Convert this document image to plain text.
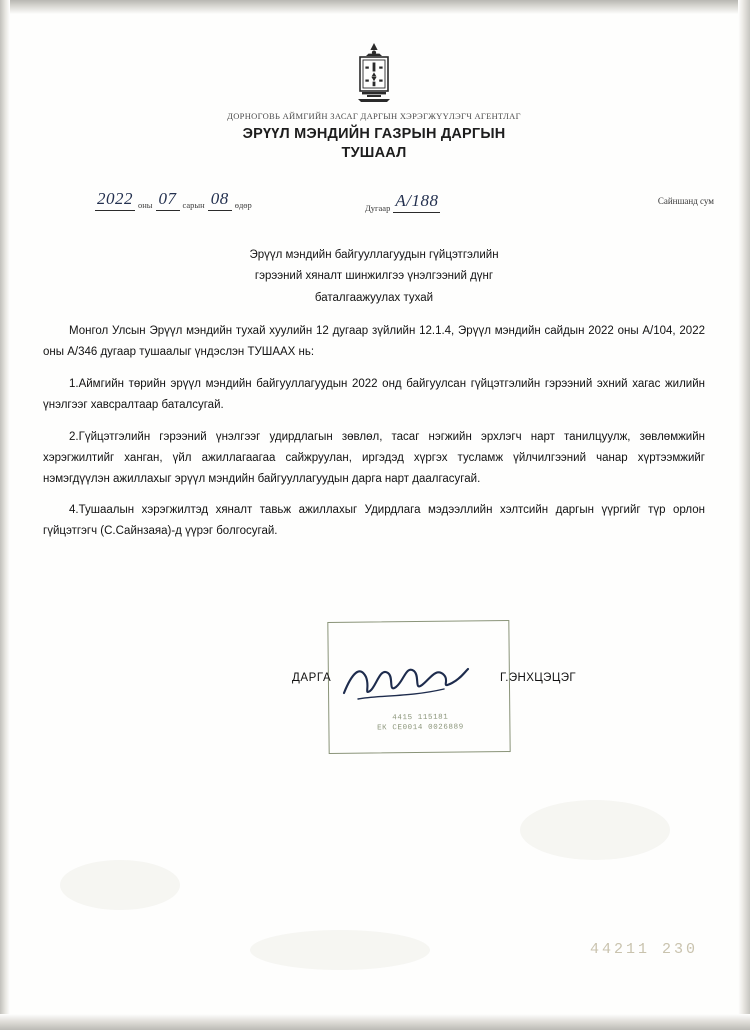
ДОРНОГОВЬ АЙМГИЙН ЗАСАГ ДАРГЫН ХЭРЭГЖҮҮЛЭГЧ АГЕНТЛАГ
ЭРҮҮЛ МЭНДИЙН ГАЗРЫН ДАРГЫН
ТУШААЛ
2022 оны 07 сарын 08 өдөр	Дугаар А/188	Сайншанд сум
Эрүүл мэндийн байгууллагуудын гүйцэтгэлийн
гэрээний хяналт шинжилгээ үнэлгээний дүнг
баталгаажуулах тухай

Монгол Улсын Эрүүл мэндийн тухай хуулийн 12 дугаар зүйлийн 12.1.4, Эрүүл мэндийн сайдын 2022 оны А/104, 2022 оны А/346 дугаар тушаалыг үндэслэн ТУШААХ нь:

1.Аймгийн төрийн эрүүл мэндийн байгууллагуудын 2022 онд байгуулсан гүйцэтгэлийн гэрээний эхний хагас жилийн үнэлгээг хавсралтаар баталсугай.

2.Гүйцэтгэлийн гэрээний үнэлгээг удирдлагын зөвлөл, тасаг нэгжийн эрхлэгч нарт танилцуулж, зөвлөмжийн хэрэгжилтийг ханган, үйл ажиллагаагаа сайжруулан, иргэдэд хүргэх тусламж үйлчилгээний чанар хүртээмжийг нэмэгдүүлэн ажиллахыг эрүүл мэндийн байгууллагуудын дарга нарт даалгасугай.

4.Тушаалын хэрэгжилтэд хяналт тавьж ажиллахыг Удирдлага мэдээллийн хэлтсийн даргын үүргийг түр орлон гүйцэтгэгч (С.Сайнзаяа)-д үүрэг болгосугай.

4415 115181
ЕК СЕ0014 0026889
ДАРГА	Г.ЭНХЦЭЦЭГ
44211 230
